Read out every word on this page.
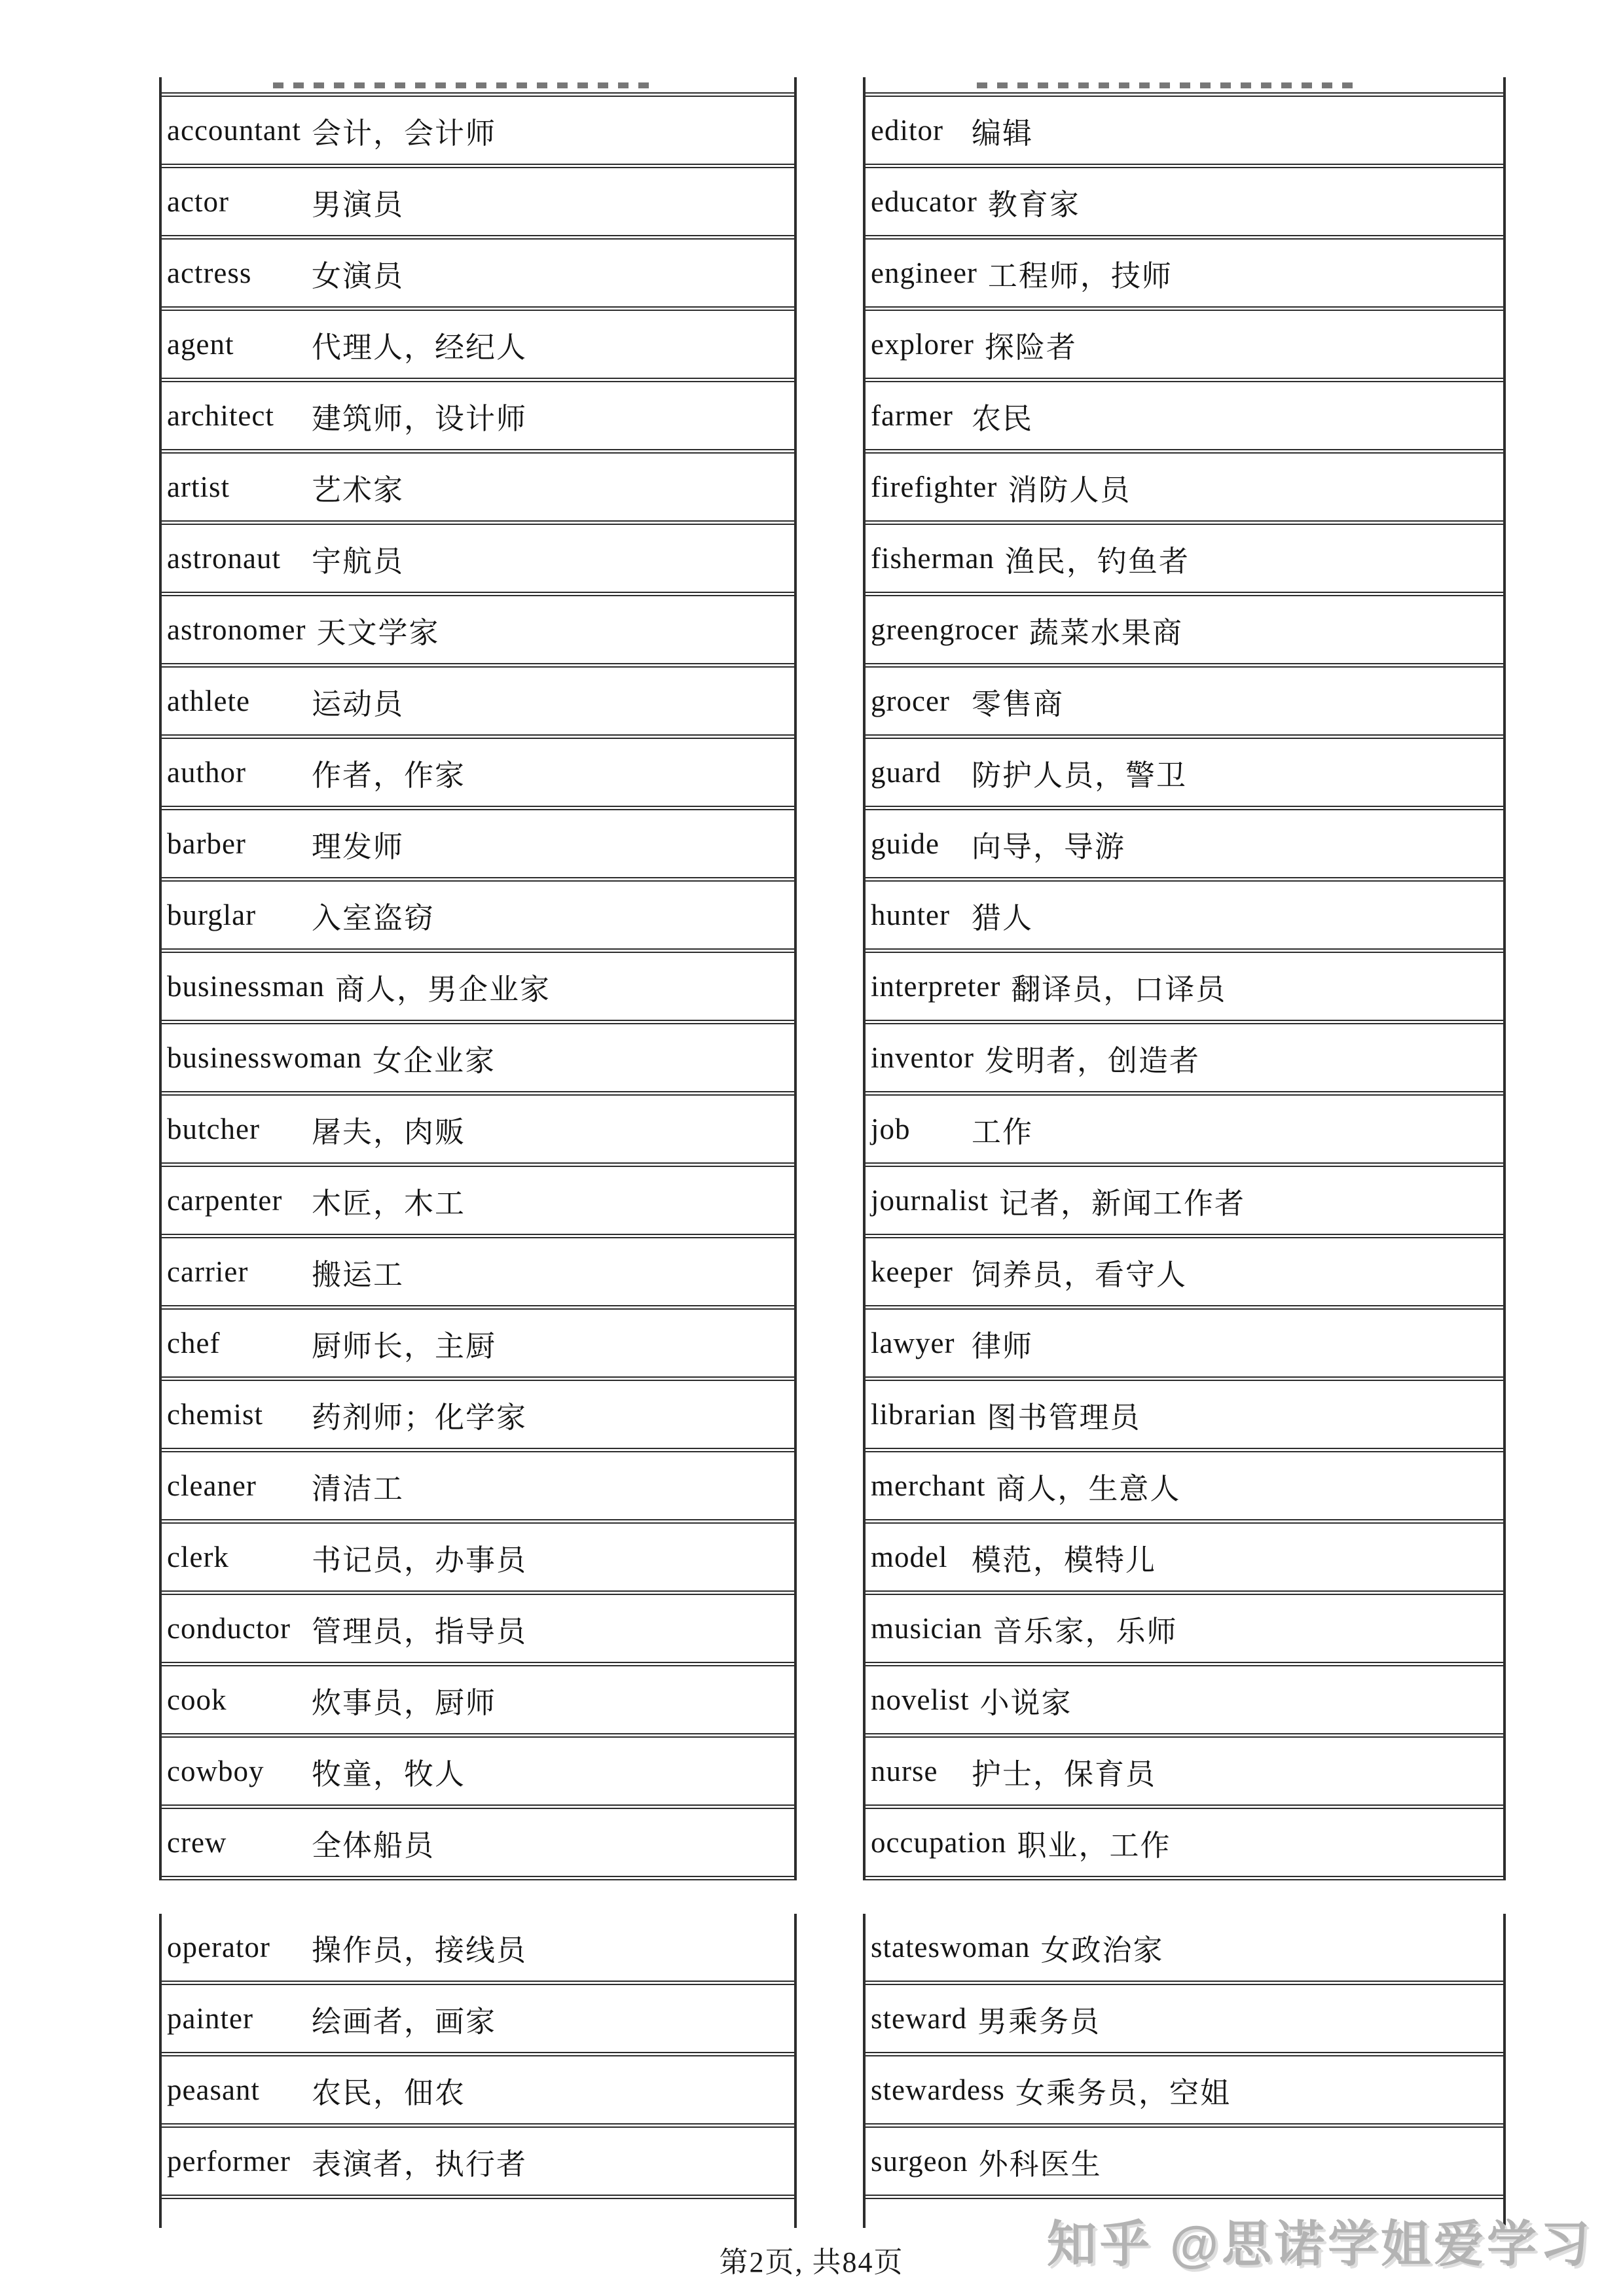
accountant 会计，会计师
actor	男演员
actress	女演员
agent	代理人，经纪人
architect	建筑师，设计师
artist	艺术家
astronaut	宇航员
astronomer 天文学家
athlete	运动员
author	作者，作家
barber	理发师
burglar	入室盗窃
businessman 商人，男企业家
businesswoman 女企业家
butcher	屠夫，肉贩
carpenter 木匠，木工
carrier	搬运工
chef	厨师长，主厨
chemist	药剂师；化学家
cleaner	清洁工
clerk	书记员，办事员
conductor 管理员，指导员
cook	炊事员，厨师
cowboy	牧童，牧人
crew	全体船员
editor 编辑
educator 教育家
engineer 工程师，技师
explorer 探险者
farmer 农民
firefighter 消防人员
fisherman 渔民，钓鱼者
greengrocer 蔬菜水果商
grocer 零售商
guard	防护人员，警卫
guide	向导，导游
hunter 猎人
interpreter 翻译员，口译员
inventor 发明者，创造者
job	工作
journalist 记者，新闻工作者
keeper 饲养员，看守人
lawyer 律师
librarian 图书管理员
merchant 商人，生意人
model 模范，模特儿
musician 音乐家，乐师
novelist 小说家
nurse	护士，保育员
occupation 职业，工作
operator	操作员，接线员
painter	绘画者，画家
peasant	农民，佃农
performer 表演者，执行者
stateswoman 女政治家
steward 男乘务员
stewardess 女乘务员，空姐
surgeon 外科医生
第2页, 共84页	知乎 @思诺学姐爱学习
